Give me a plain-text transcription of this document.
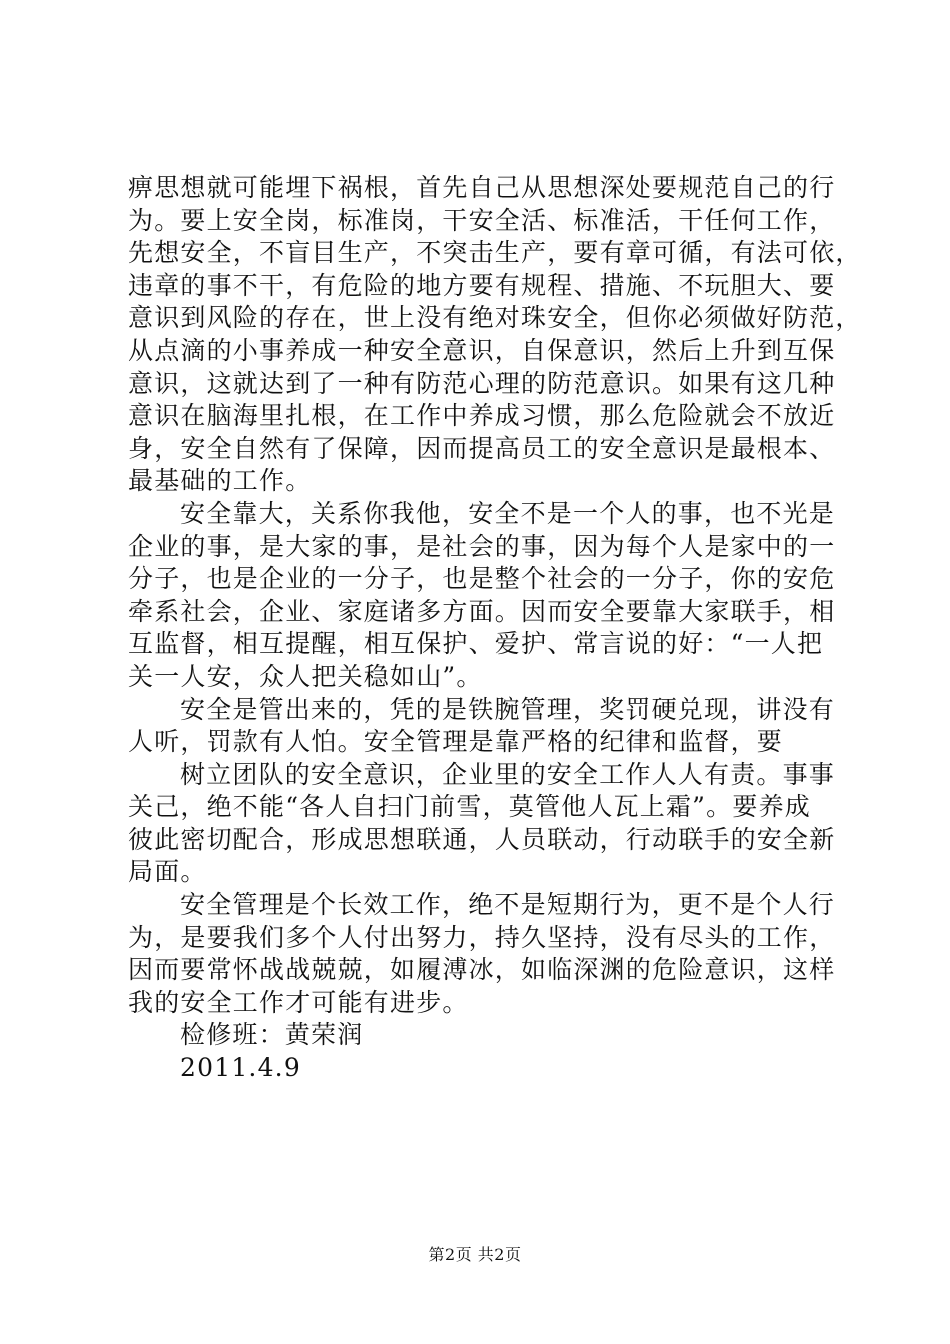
痹思想就可能埋下祸根，首先自己从思想深处要规范自己的行
为。要上安全岗，标准岗，干安全活、标准活，干任何工作，
先想安全，不盲目生产，不突击生产，要有章可循，有法可依，
违章的事不干，有危险的地方要有规程、措施、不玩胆大、要
意识到风险的存在，世上没有绝对珠安全，但你必须做好防范，
从点滴的小事养成一种安全意识，自保意识，然后上升到互保
意识，这就达到了一种有防范心理的防范意识。如果有这几种
意识在脑海里扎根，在工作中养成习惯，那么危险就会不放近
身，安全自然有了保障，因而提高员工的安全意识是最根本、
最基础的工作。
安全靠大，关系你我他，安全不是一个人的事，也不光是
企业的事，是大家的事，是社会的事，因为每个人是家中的一
分子，也是企业的一分子，也是整个社会的一分子，你的安危
牵系社会，企业、家庭诸多方面。因而安全要靠大家联手，相
互监督，相互提醒，相互保护、爱护、常言说的好：“一人把
关一人安，众人把关稳如山”。
安全是管出来的，凭的是铁腕管理，奖罚硬兑现，讲没有
人听，罚款有人怕。安全管理是靠严格的纪律和监督，要
树立团队的安全意识，企业里的安全工作人人有责。事事
关己，绝不能“各人自扫门前雪，莫管他人瓦上霜”。要养成
彼此密切配合，形成思想联通，人员联动，行动联手的安全新
局面。
安全管理是个长效工作，绝不是短期行为，更不是个人行
为，是要我们多个人付出努力，持久坚持，没有尽头的工作，
因而要常怀战战兢兢，如履溥冰，如临深渊的危险意识，这样
我的安全工作才可能有进步。
检修班：黄荣润
2011.4.9
第2页 共2页
